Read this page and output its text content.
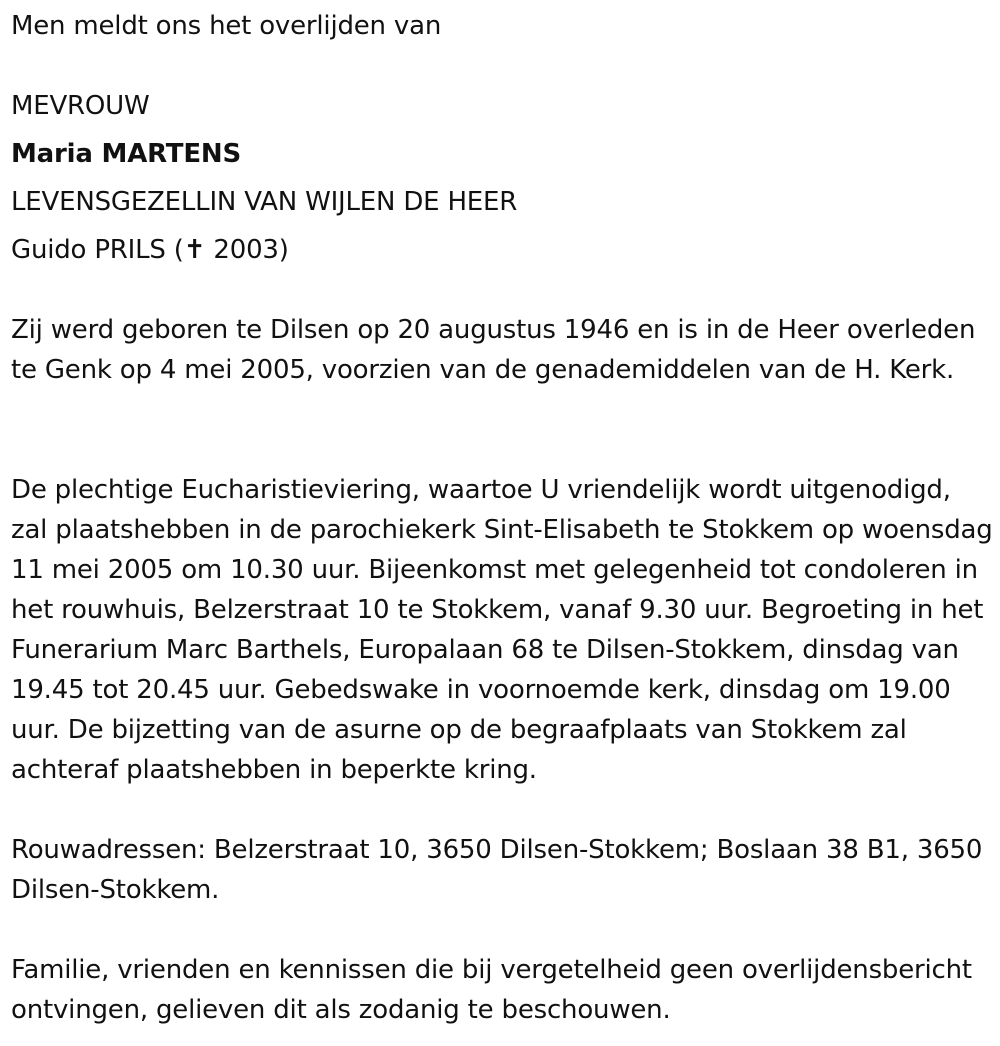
Men meldt ons het overlijden van
MEVROUW
Maria MARTENS
LEVENSGEZELLIN VAN WIJLEN DE HEER
Guido PRILS (✝ 2003)

Zij werd geboren te Dilsen op 20 augustus 1946 en is in de Heer overleden te Genk op 4 mei 2005, voorzien van de genademiddelen van de H. Kerk.

De plechtige Eucharistieviering, waartoe U vriendelijk wordt uitgenodigd, zal plaatshebben in de parochiekerk Sint-Elisabeth te Stokkem op woensdag 11 mei 2005 om 10.30 uur. Bijeenkomst met gelegenheid tot condoleren in het rouwhuis, Belzerstraat 10 te Stokkem, vanaf 9.30 uur. Begroeting in het Funerarium Marc Barthels, Europalaan 68 te Dilsen-Stokkem, dinsdag van 19.45 tot 20.45 uur. Gebedswake in voornoemde kerk, dinsdag om 19.00 uur. De bijzetting van de asurne op de begraafplaats van Stokkem zal achteraf plaatshebben in beperkte kring.

Rouwadressen: Belzerstraat 10, 3650 Dilsen-Stokkem; Boslaan 38 B1, 3650 Dilsen-Stokkem.

Familie, vrienden en kennissen die bij vergetelheid geen overlijdensbericht ontvingen, gelieven dit als zodanig te beschouwen.
